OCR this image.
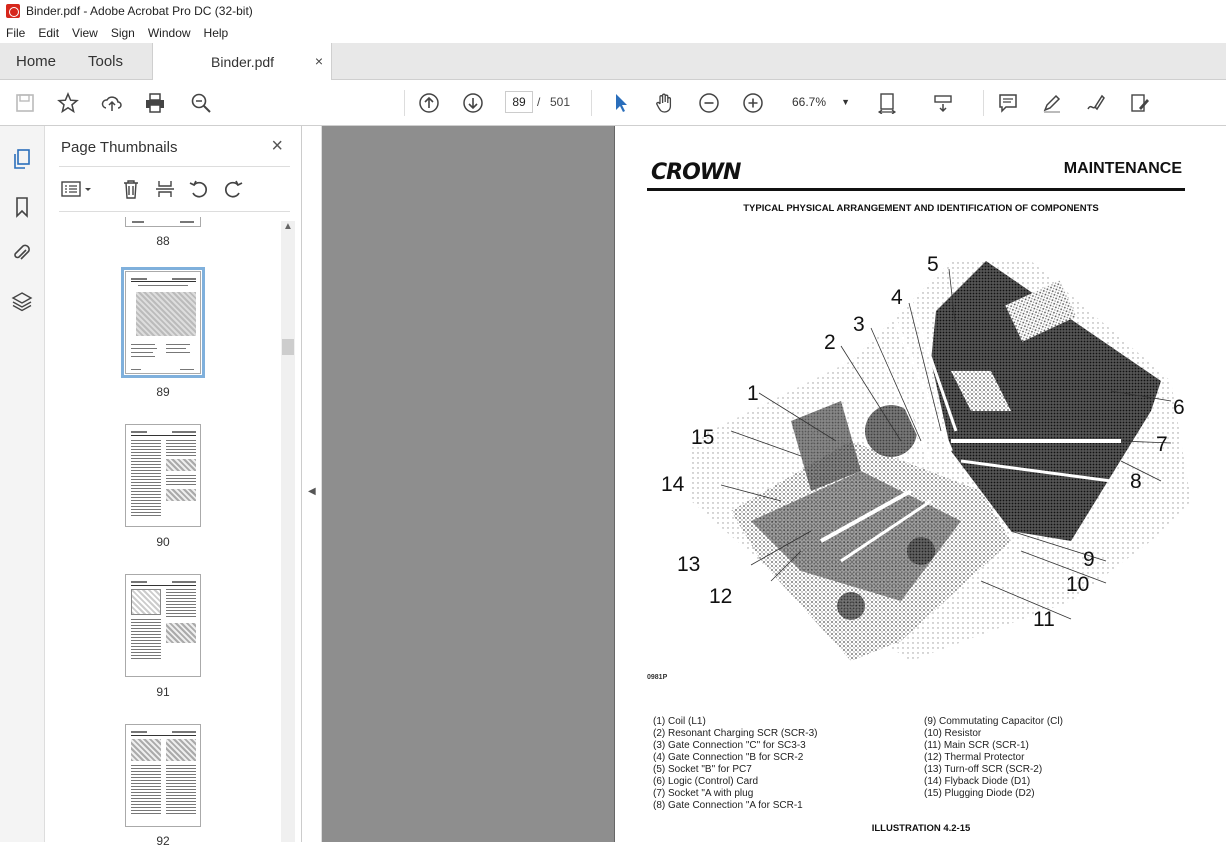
Binder.pdf - Adobe Acrobat Pro DC (32-bit)
File Edit View Sign Window Help
Home Tools	Binder.pdf	×
89 / 501	66.7% ▼
Page Thumbnails	×
88
89
90
91
92
▲
◀
CROWN	MAINTENANCE
TYPICAL PHYSICAL ARRANGEMENT AND IDENTIFICATION OF COMPONENTS
1
2
3
4
5
6
7
8
9
10
11
12
13
14
15
0981P
(1) Coil (L1)
(2) Resonant Charging SCR (SCR-3)
(3) Gate Connection "C" for SC3-3
(4) Gate Connection "B for SCR-2
(5) Socket "B" for PC7
(6) Logic (Control) Card
(7) Socket "A with plug
(8) Gate Connection "A for SCR-1
(9) Commutating Capacitor (Cl)
(10) Resistor
(11) Main SCR (SCR-1)
(12) Thermal Protector
(13) Turn-off SCR (SCR-2)
(14) Flyback Diode (D1)
(15) Plugging Diode (D2)
ILLUSTRATION 4.2-15
